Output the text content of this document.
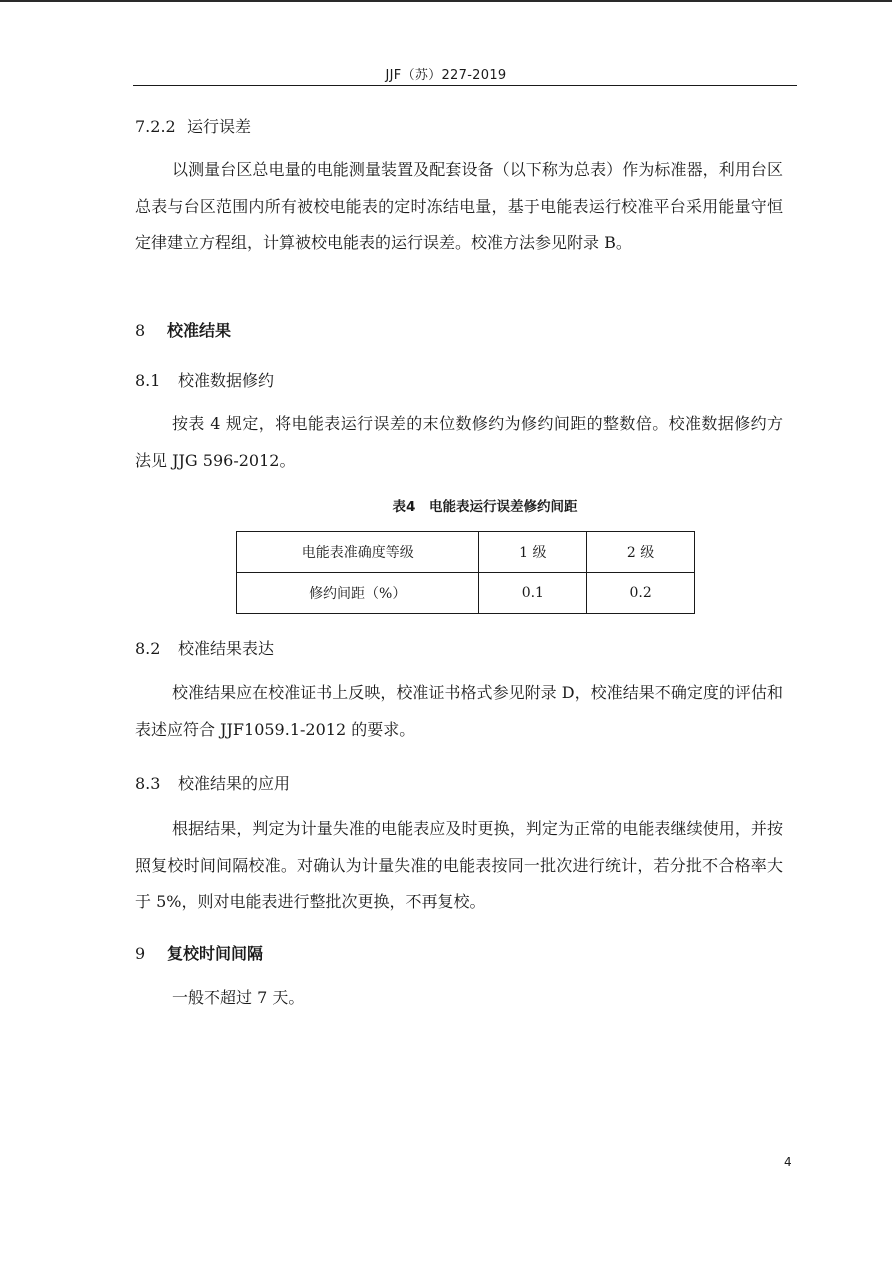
JJF（苏）227-2019
7.2.2 运行误差

以测量台区总电量的电能测量装置及配套设备（以下称为总表）作为标准器，利用台区总表与台区范围内所有被校电能表的定时冻结电量，基于电能表运行校准平台采用能量守恒定律建立方程组，计算被校电能表的运行误差。校准方法参见附录 B。

8 校准结果
8.1 校准数据修约

按表 4 规定，将电能表运行误差的末位数修约为修约间距的整数倍。校准数据修约方法见 JJG 596-2012。

表4　电能表运行误差修约间距
电能表准确度等级	1 级	2 级
修约间距（%）	0.1	0.2
8.2 校准结果表达

校准结果应在校准证书上反映，校准证书格式参见附录 D，校准结果不确定度的评估和表述应符合 JJF1059.1-2012 的要求。

8.3 校准结果的应用

根据结果，判定为计量失准的电能表应及时更换，判定为正常的电能表继续使用，并按照复校时间间隔校准。对确认为计量失准的电能表按同一批次进行统计，若分批不合格率大于 5%，则对电能表进行整批次更换，不再复校。

9 复校时间间隔

一般不超过 7 天。

4
